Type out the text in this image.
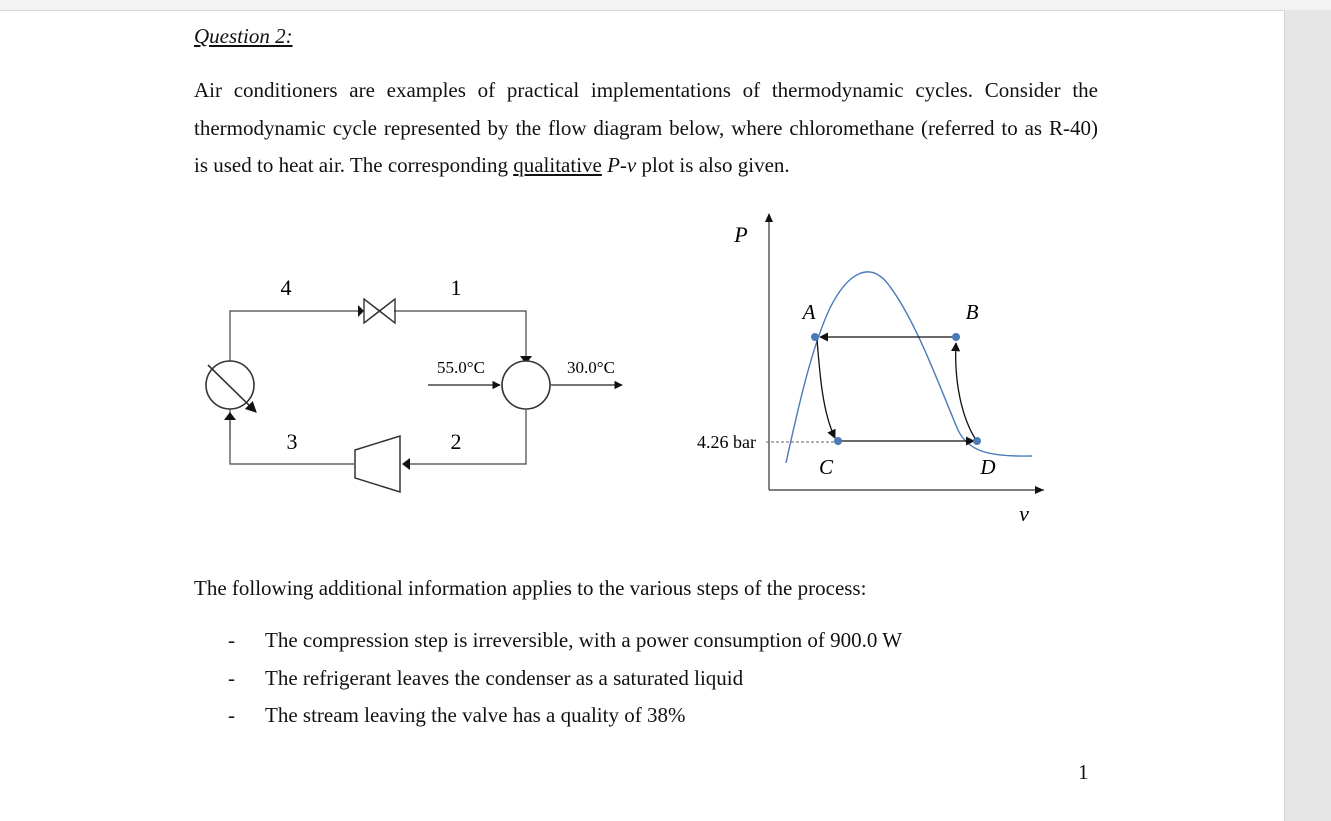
Question 2:
Air conditioners are examples of practical implementations of thermodynamic cycles. Consider the
thermodynamic cycle represented by the flow diagram below, where chloromethane (referred to as R-40)
is used to heat air. The corresponding qualitative P-v plot is also given.
4	1
3	2
55.0°C	30.0°C
P
v
4.26 bar
A	B
C	D
The following additional information applies to the various steps of the process:
-	The compression step is irreversible, with a power consumption of 900.0 W
-	The refrigerant leaves the condenser as a saturated liquid
-	The stream leaving the valve has a quality of 38%
1
